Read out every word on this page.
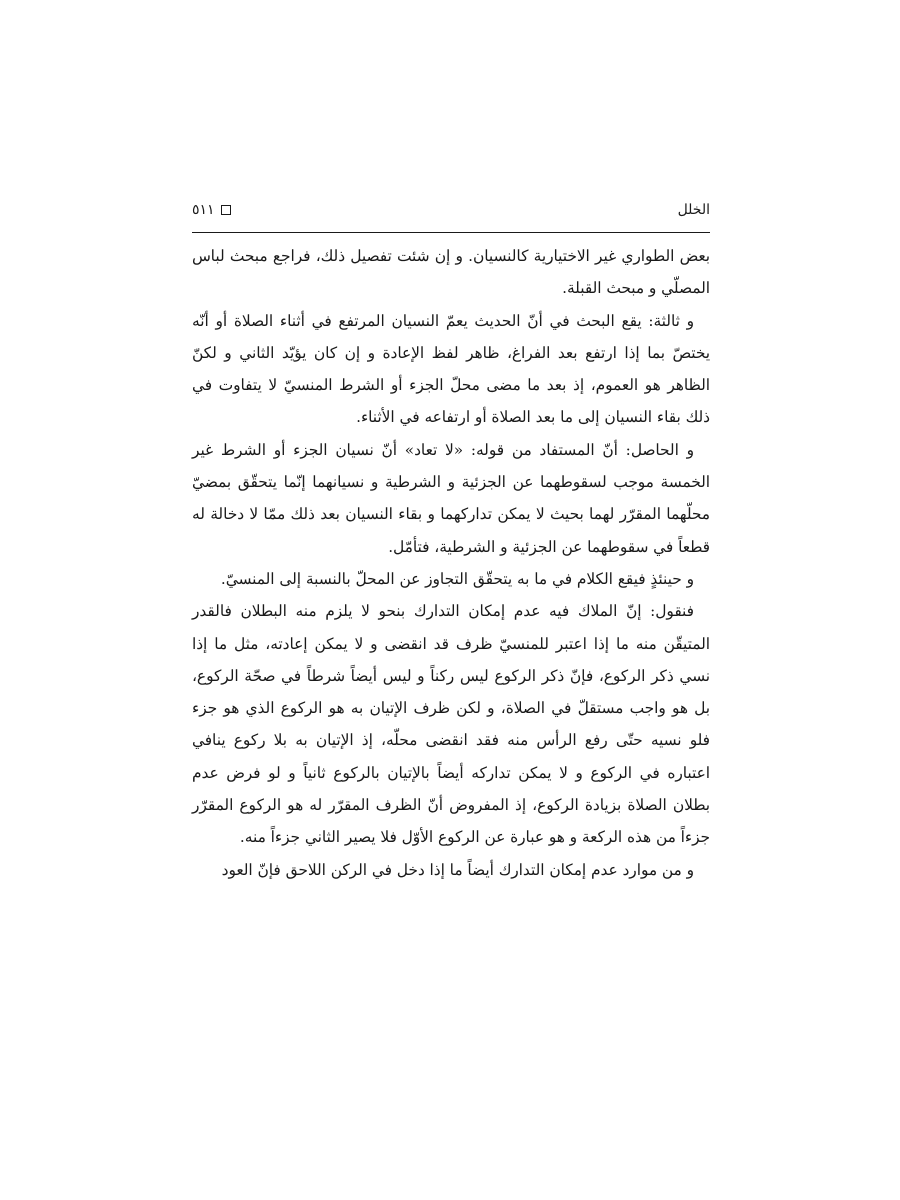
الخلل
٥١١

بعض الطواري غير الاختيارية كالنسيان. و إن شئت تفصيل ذلك، فراجع مبحث لباس المصلّي و مبحث القبلة.

و ثالثة: يقع البحث في أنّ الحديث يعمّ النسيان المرتفع في أثناء الصلاة أو أنّه يختصّ بما إذا ارتفع بعد الفراغ، ظاهر لفظ الإعادة و إن كان يؤيّد الثاني و لكنّ الظاهر هو العموم، إذ بعد ما مضى محلّ الجزء أو الشرط المنسيّ لا يتفاوت في ذلك بقاء النسيان إلى ما بعد الصلاة أو ارتفاعه في الأثناء.

و الحاصل: أنّ المستفاد من قوله: «لا تعاد» أنّ نسيان الجزء أو الشرط غير الخمسة موجب لسقوطهما عن الجزئية و الشرطية و نسيانهما إنّما يتحقّق بمضيّ محلّهما المقرّر لهما بحيث لا يمكن تداركهما و بقاء النسيان بعد ذلك ممّا لا دخالة له قطعاً في سقوطهما عن الجزئية و الشرطية، فتأمّل.

و حينئذٍ فيقع الكلام في ما به يتحقّق التجاوز عن المحلّ بالنسبة إلى المنسيّ.

فنقول: إنّ الملاك فيه عدم إمكان التدارك بنحو لا يلزم منه البطلان فالقدر المتيقّن منه ما إذا اعتبر للمنسيّ ظرف قد انقضى و لا يمكن إعادته، مثل ما إذا نسي ذكر الركوع، فإنّ ذكر الركوع ليس ركناً و ليس أيضاً شرطاً في صحّة الركوع، بل هو واجب مستقلّ في الصلاة، و لكن ظرف الإتيان به هو الركوع الذي هو جزء فلو نسيه حتّى رفع الرأس منه فقد انقضى محلّه، إذ الإتيان به بلا ركوع ينافي اعتباره في الركوع و لا يمكن تداركه أيضاً بالإتيان بالركوع ثانياً و لو فرض عدم بطلان الصلاة بزيادة الركوع، إذ المفروض أنّ الظرف المقرّر له هو الركوع المقرّر جزءاً من هذه الركعة و هو عبارة عن الركوع الأوّل فلا يصير الثاني جزءاً منه.

و من موارد عدم إمكان التدارك أيضاً ما إذا دخل في الركن اللاحق فإنّ العود
